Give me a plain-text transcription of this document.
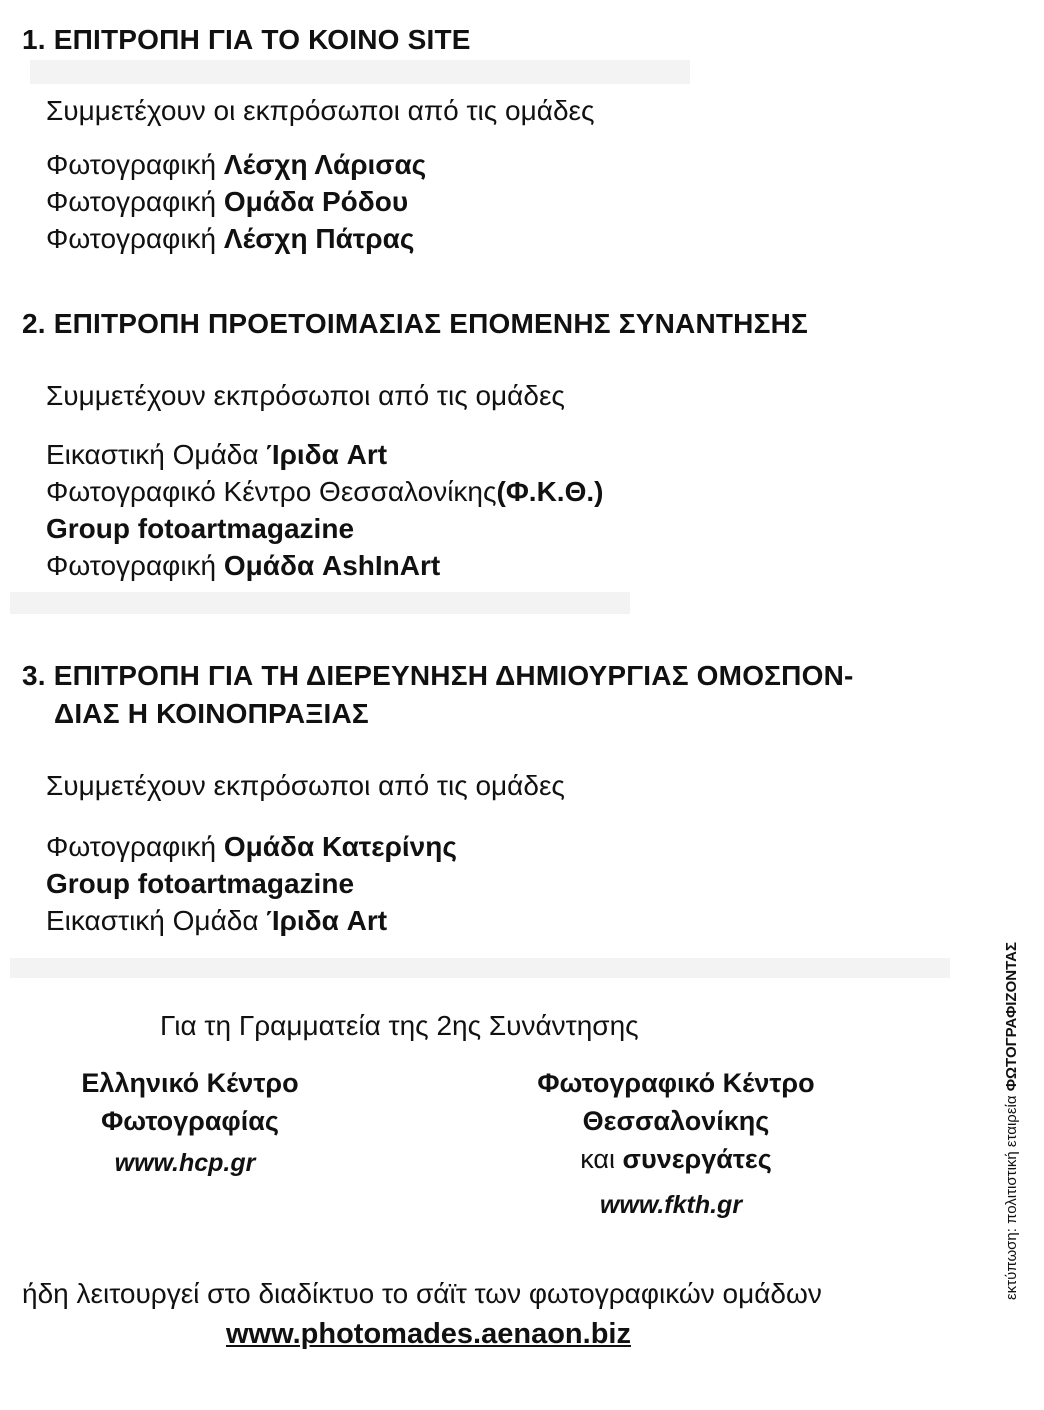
1. ΕΠΙΤΡΟΠΗ ΓΙΑ ΤΟ ΚΟΙΝΟ SITE
Συμμετέχουν οι εκπρόσωποι από τις ομάδες
Φωτογραφική Λέσχη Λάρισας
Φωτογραφική Ομάδα Ρόδου
Φωτογραφική Λέσχη Πάτρας
2. ΕΠΙΤΡΟΠΗ ΠΡΟΕΤΟΙΜΑΣΙΑΣ ΕΠΟΜΕΝΗΣ ΣΥΝΑΝΤΗΣΗΣ
Συμμετέχουν εκπρόσωποι από τις ομάδες
Εικαστική Ομάδα Ίριδα Art
Φωτογραφικό Κέντρο Θεσσαλονίκης(Φ.Κ.Θ.)
Group fotoartmagazine
Φωτογραφική Ομάδα AshInArt
3. ΕΠΙΤΡΟΠΗ ΓΙΑ ΤΗ ΔΙΕΡΕΥΝΗΣΗ ΔΗΜΙΟΥΡΓΙΑΣ ΟΜΟΣΠΟΝ-
ΔΙΑΣ Η ΚΟΙΝΟΠΡΑΞΙΑΣ
Συμμετέχουν εκπρόσωποι από τις ομάδες
Φωτογραφική Ομάδα Κατερίνης
Group fotoartmagazine
Εικαστική Ομάδα Ίριδα Art
Για τη Γραμματεία της 2ης Συνάντησης
Ελληνικό Κέντρο
Φωτογραφίας
www.hcp.gr
Φωτογραφικό Κέντρο
Θεσσαλονίκης
και συνεργάτες
www.fkth.gr
ήδη λειτουργεί στο διαδίκτυο το σάϊτ των φωτογραφικών ομάδων
www.photomades.aenaon.biz
εκτύπωση: πολιτιστική εταιρεία ΦΩΤΟΓΡΑΦΙΖΟΝΤΑΣ
